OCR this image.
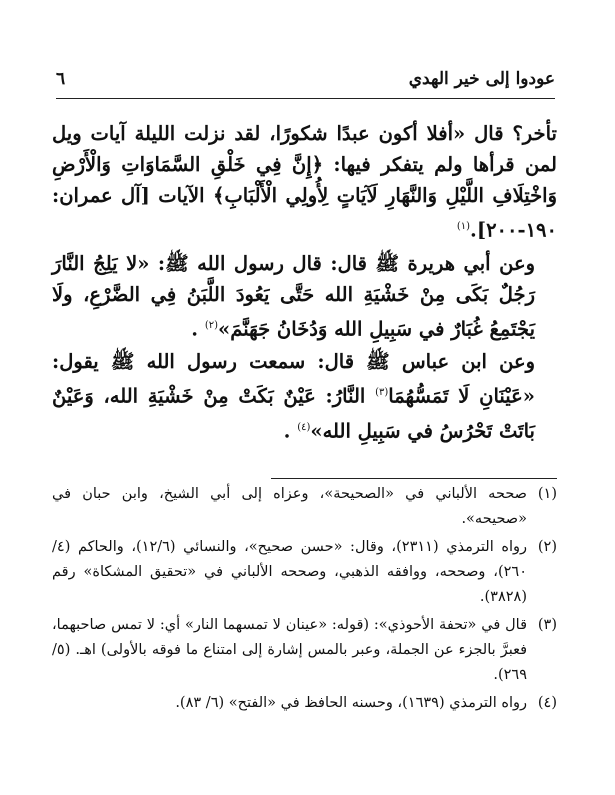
عودوا إلى خير الهدي
٦

تأخر؟ قال «أفلا أكون عبدًا شكورًا، لقد نزلت الليلة آيات ويل لمن قرأها ولم يتفكر فيها: ﴿إِنَّ فِي خَلْقِ السَّمَاوَاتِ وَالْأَرْضِ وَاخْتِلَافِ اللَّيْلِ وَالنَّهَارِ لَآيَاتٍ لِأُولِي الْأَلْبَابِ﴾ الآيات [آل عمران: ١٩٠-٢٠٠].$^{(١)}$

وعن أبي هريرة ﷺ قال: قال رسول الله ﷺ: «لا يَلِجُ النَّارَ رَجُلٌ بَكَى مِنْ خَشْيَةِ الله حَتَّى يَعُودَ اللَّبَنُ فِي الضَّرْعِ، ولَا يَجْتَمِعُ غُبَارٌ في سَبِيلِ الله وَدُخَانُ جَهَنَّمَ»$^{(٢)}$ .

وعن ابن عباس ﷺ قال: سمعت رسول الله ﷺ يقول: «عَيْنَانِ لَا تَمَسُّهُمَا$^{(٣)}$ النَّارُ: عَيْنٌ بَكَتْ مِنْ خَشْيَةِ الله، وَعَيْنٌ بَاتَتْ تَحْرُسُ في سَبِيلِ الله»$^{(٤)}$ .

(١)
صححه الألباني في «الصحيحة»، وعزاه إلى أبي الشيخ، وابن حبان في «صحيحه».
(٢)
رواه الترمذي (٢٣١١)، وقال: «حسن صحيح»، والنسائي (١٢/٦)، والحاكم (٤/ ٢٦٠)، وصححه، ووافقه الذهبي، وصححه الألباني في «تحقيق المشكاة» رقم (٣٨٢٨).
(٣)
قال في «تحفة الأحوذي»: (قوله: «عينان لا تمسهما النار» أي: لا تمس صاحبهما، فعبرَّ بالجزء عن الجملة، وعبر بالمس إشارة إلى امتناع ما فوقه بالأولى) اهـ. (٥/ ٢٦٩).
(٤)
رواه الترمذي (١٦٣٩)، وحسنه الحافظ في «الفتح» (٦/ ٨٣).
